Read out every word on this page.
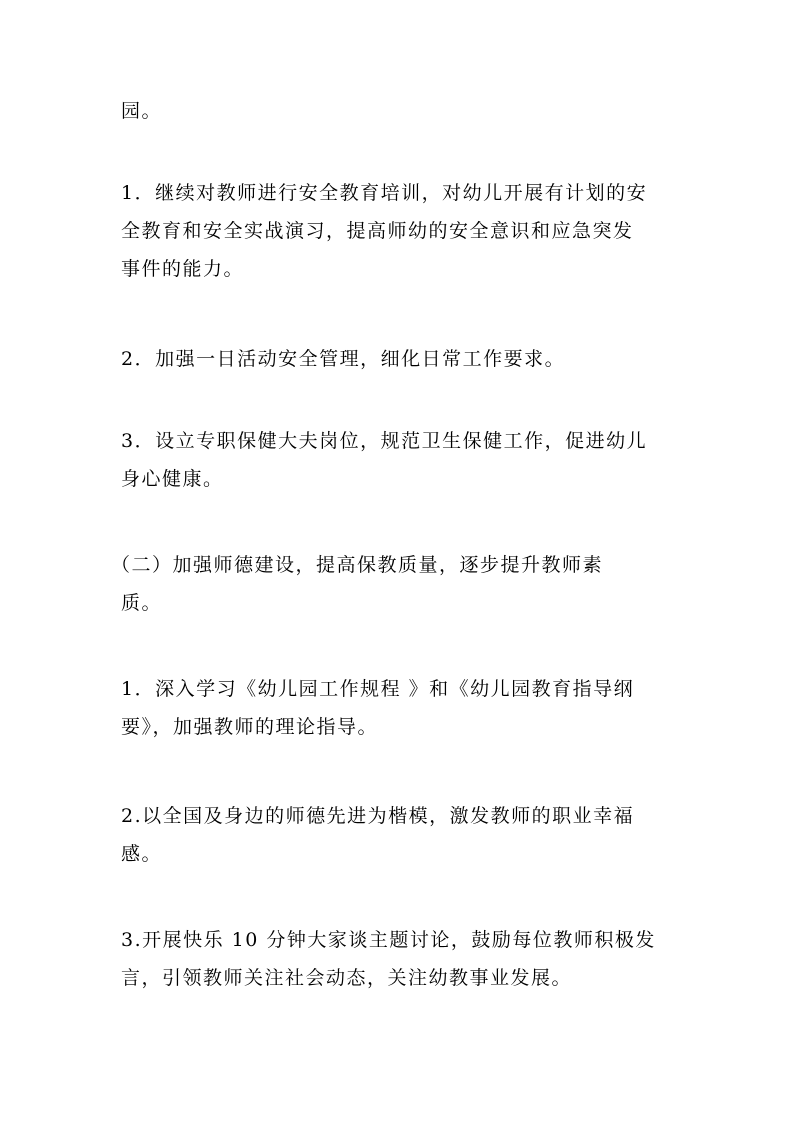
园。
1．继续对教师进行安全教育培训，对幼儿开展有计划的安
全教育和安全实战演习，提高师幼的安全意识和应急突发
事件的能力。
2．加强一日活动安全管理，细化日常工作要求。
3．设立专职保健大夫岗位，规范卫生保健工作，促进幼儿
身心健康。
（二）加强师德建设，提高保教质量，逐步提升教师素
质。
1．深入学习《幼儿园工作规程 》和《幼儿园教育指导纲
要》，加强教师的理论指导。
2.以全国及身边的师德先进为楷模，激发教师的职业幸福
感。
3.开展快乐 10 分钟大家谈主题讨论，鼓励每位教师积极发
言，引领教师关注社会动态，关注幼教事业发展。
